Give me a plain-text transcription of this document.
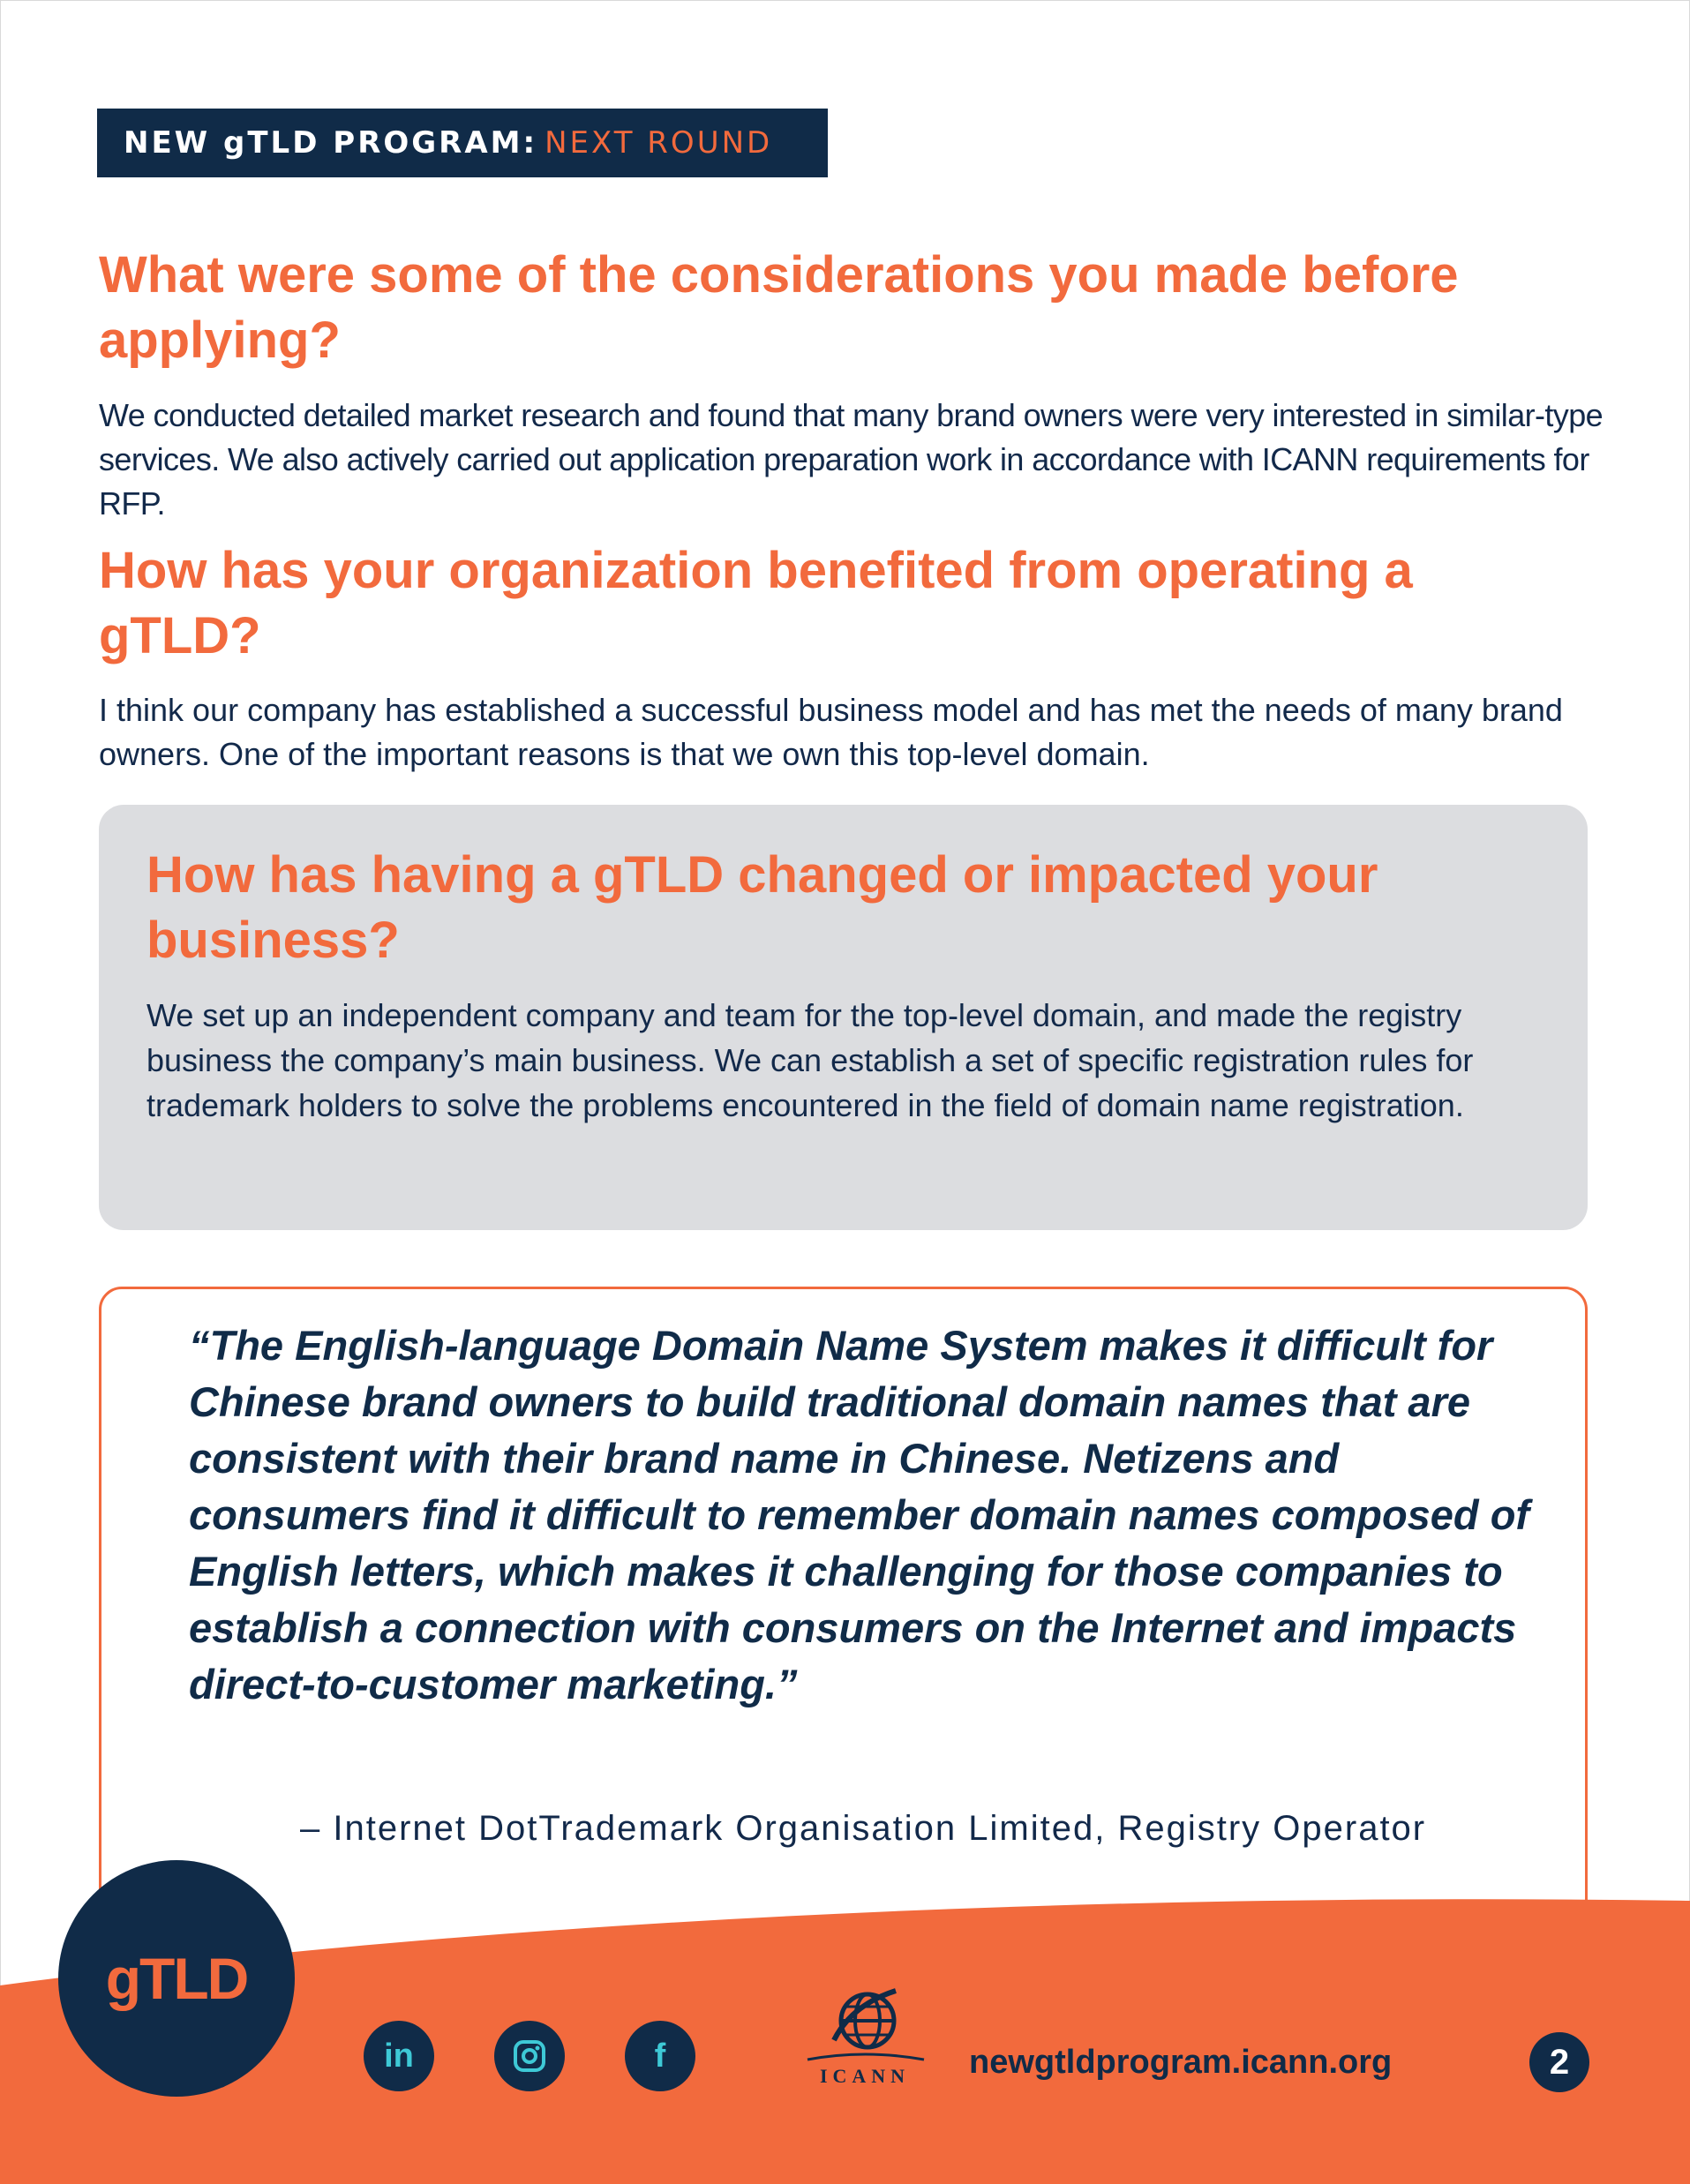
NEW gTLD PROGRAM: NEXT ROUND
What were some of the considerations you made before applying?

We conducted detailed market research and found that many brand owners were very interested in similar-type services. We also actively carried out application preparation work in accordance with ICANN requirements for RFP.

How has your organization benefited from operating a gTLD?

I think our company has established a successful business model and has met the needs of many brand owners. One of the important reasons is that we own this top-level domain.

How has having a gTLD changed or impacted your business?

We set up an independent company and team for the top-level domain, and made the registry business the company’s main business. We can establish a set of specific registration rules for trademark holders to solve the problems encountered in the field of domain name registration.

“The English-language Domain Name System makes it difficult for Chinese brand owners to build traditional domain names that are consistent with their brand name in Chinese. Netizens and consumers find it difficult to remember domain names composed of English letters, which makes it challenging for those companies to establish a connection with consumers on the Internet and impacts direct-to-customer marketing.”

– Internet DotTrademark Organisation Limited, Registry Operator

gTLD
in	f
ICANN	newgtldprogram.icann.org	2
